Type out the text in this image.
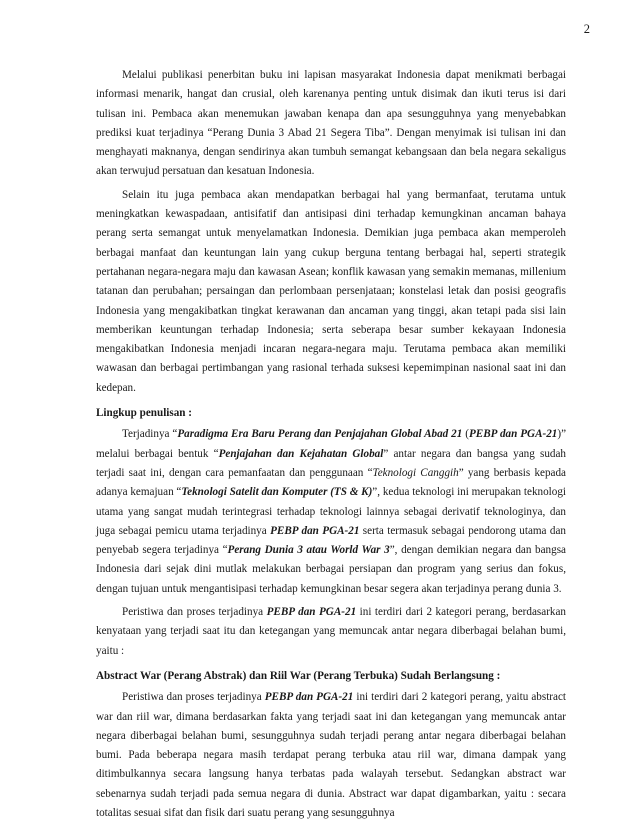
2

Melalui publikasi penerbitan buku ini lapisan masyarakat Indonesia dapat menikmati berbagai informasi menarik, hangat dan crusial, oleh karenanya penting untuk disimak dan ikuti terus isi dari tulisan ini. Pembaca akan menemukan jawaban kenapa dan apa sesungguhnya yang menyebabkan prediksi kuat terjadinya “Perang Dunia 3 Abad 21 Segera Tiba”. Dengan menyimak isi tulisan ini dan menghayati maknanya, dengan sendirinya akan tumbuh semangat kebangsaan dan bela negara sekaligus akan terwujud persatuan dan kesatuan Indonesia.

Selain itu juga pembaca akan mendapatkan berbagai hal yang bermanfaat, terutama untuk meningkatkan kewaspadaan, antisifatif dan antisipasi dini terhadap kemungkinan ancaman bahaya perang serta semangat untuk menyelamatkan Indonesia. Demikian juga pembaca akan memperoleh berbagai manfaat dan keuntungan lain yang cukup berguna tentang berbagai hal, seperti strategik pertahanan negara-negara maju dan kawasan Asean; konflik kawasan yang semakin memanas, millenium tatanan dan perubahan; persaingan dan perlombaan persenjataan; konstelasi letak dan posisi geografis Indonesia yang mengakibatkan tingkat kerawanan dan ancaman yang tinggi, akan tetapi pada sisi lain memberikan keuntungan terhadap Indonesia; serta seberapa besar sumber kekayaan Indonesia mengakibatkan Indonesia menjadi incaran negara-negara maju. Terutama pembaca akan memiliki wawasan dan berbagai pertimbangan yang rasional terhada suksesi kepemimpinan nasional saat ini dan kedepan.

Lingkup penulisan :

Terjadinya “Paradigma Era Baru Perang dan Penjajahan Global Abad 21 (PEBP dan PGA-21)” melalui berbagai bentuk “Penjajahan dan Kejahatan Global” antar negara dan bangsa yang sudah terjadi saat ini, dengan cara pemanfaatan dan penggunaan “Teknologi Canggih” yang berbasis kepada adanya kemajuan “Teknologi Satelit dan Komputer (TS & K)”, kedua teknologi ini merupakan teknologi utama yang sangat mudah terintegrasi terhadap teknologi lainnya sebagai derivatif teknologinya, dan juga sebagai pemicu utama terjadinya PEBP dan PGA-21 serta termasuk sebagai pendorong utama dan penyebab segera terjadinya “Perang Dunia 3 atau World War 3”, dengan demikian negara dan bangsa Indonesia dari sejak dini mutlak melakukan berbagai persiapan dan program yang serius dan fokus, dengan tujuan untuk mengantisipasi terhadap kemungkinan besar segera akan terjadinya perang dunia 3.

Peristiwa dan proses terjadinya PEBP dan PGA-21 ini terdiri dari 2 kategori perang, berdasarkan kenyataan yang terjadi saat itu dan ketegangan yang memuncak antar negara diberbagai belahan bumi, yaitu :

Abstract War (Perang Abstrak) dan Riil War (Perang Terbuka) Sudah Berlangsung :

Peristiwa dan proses terjadinya PEBP dan PGA-21 ini terdiri dari 2 kategori perang, yaitu abstract war dan riil war, dimana berdasarkan fakta yang terjadi saat ini dan ketegangan yang memuncak antar negara diberbagai belahan bumi, sesungguhnya sudah terjadi perang antar negara diberbagai belahan bumi. Pada beberapa negara masih terdapat perang terbuka atau riil war, dimana dampak yang ditimbulkannya secara langsung hanya terbatas pada walayah tersebut. Sedangkan abstract war sebenarnya sudah terjadi pada semua negara di dunia. Abstract war dapat digambarkan, yaitu : secara totalitas sesuai sifat dan fisik dari suatu perang yang sesungguhnya
